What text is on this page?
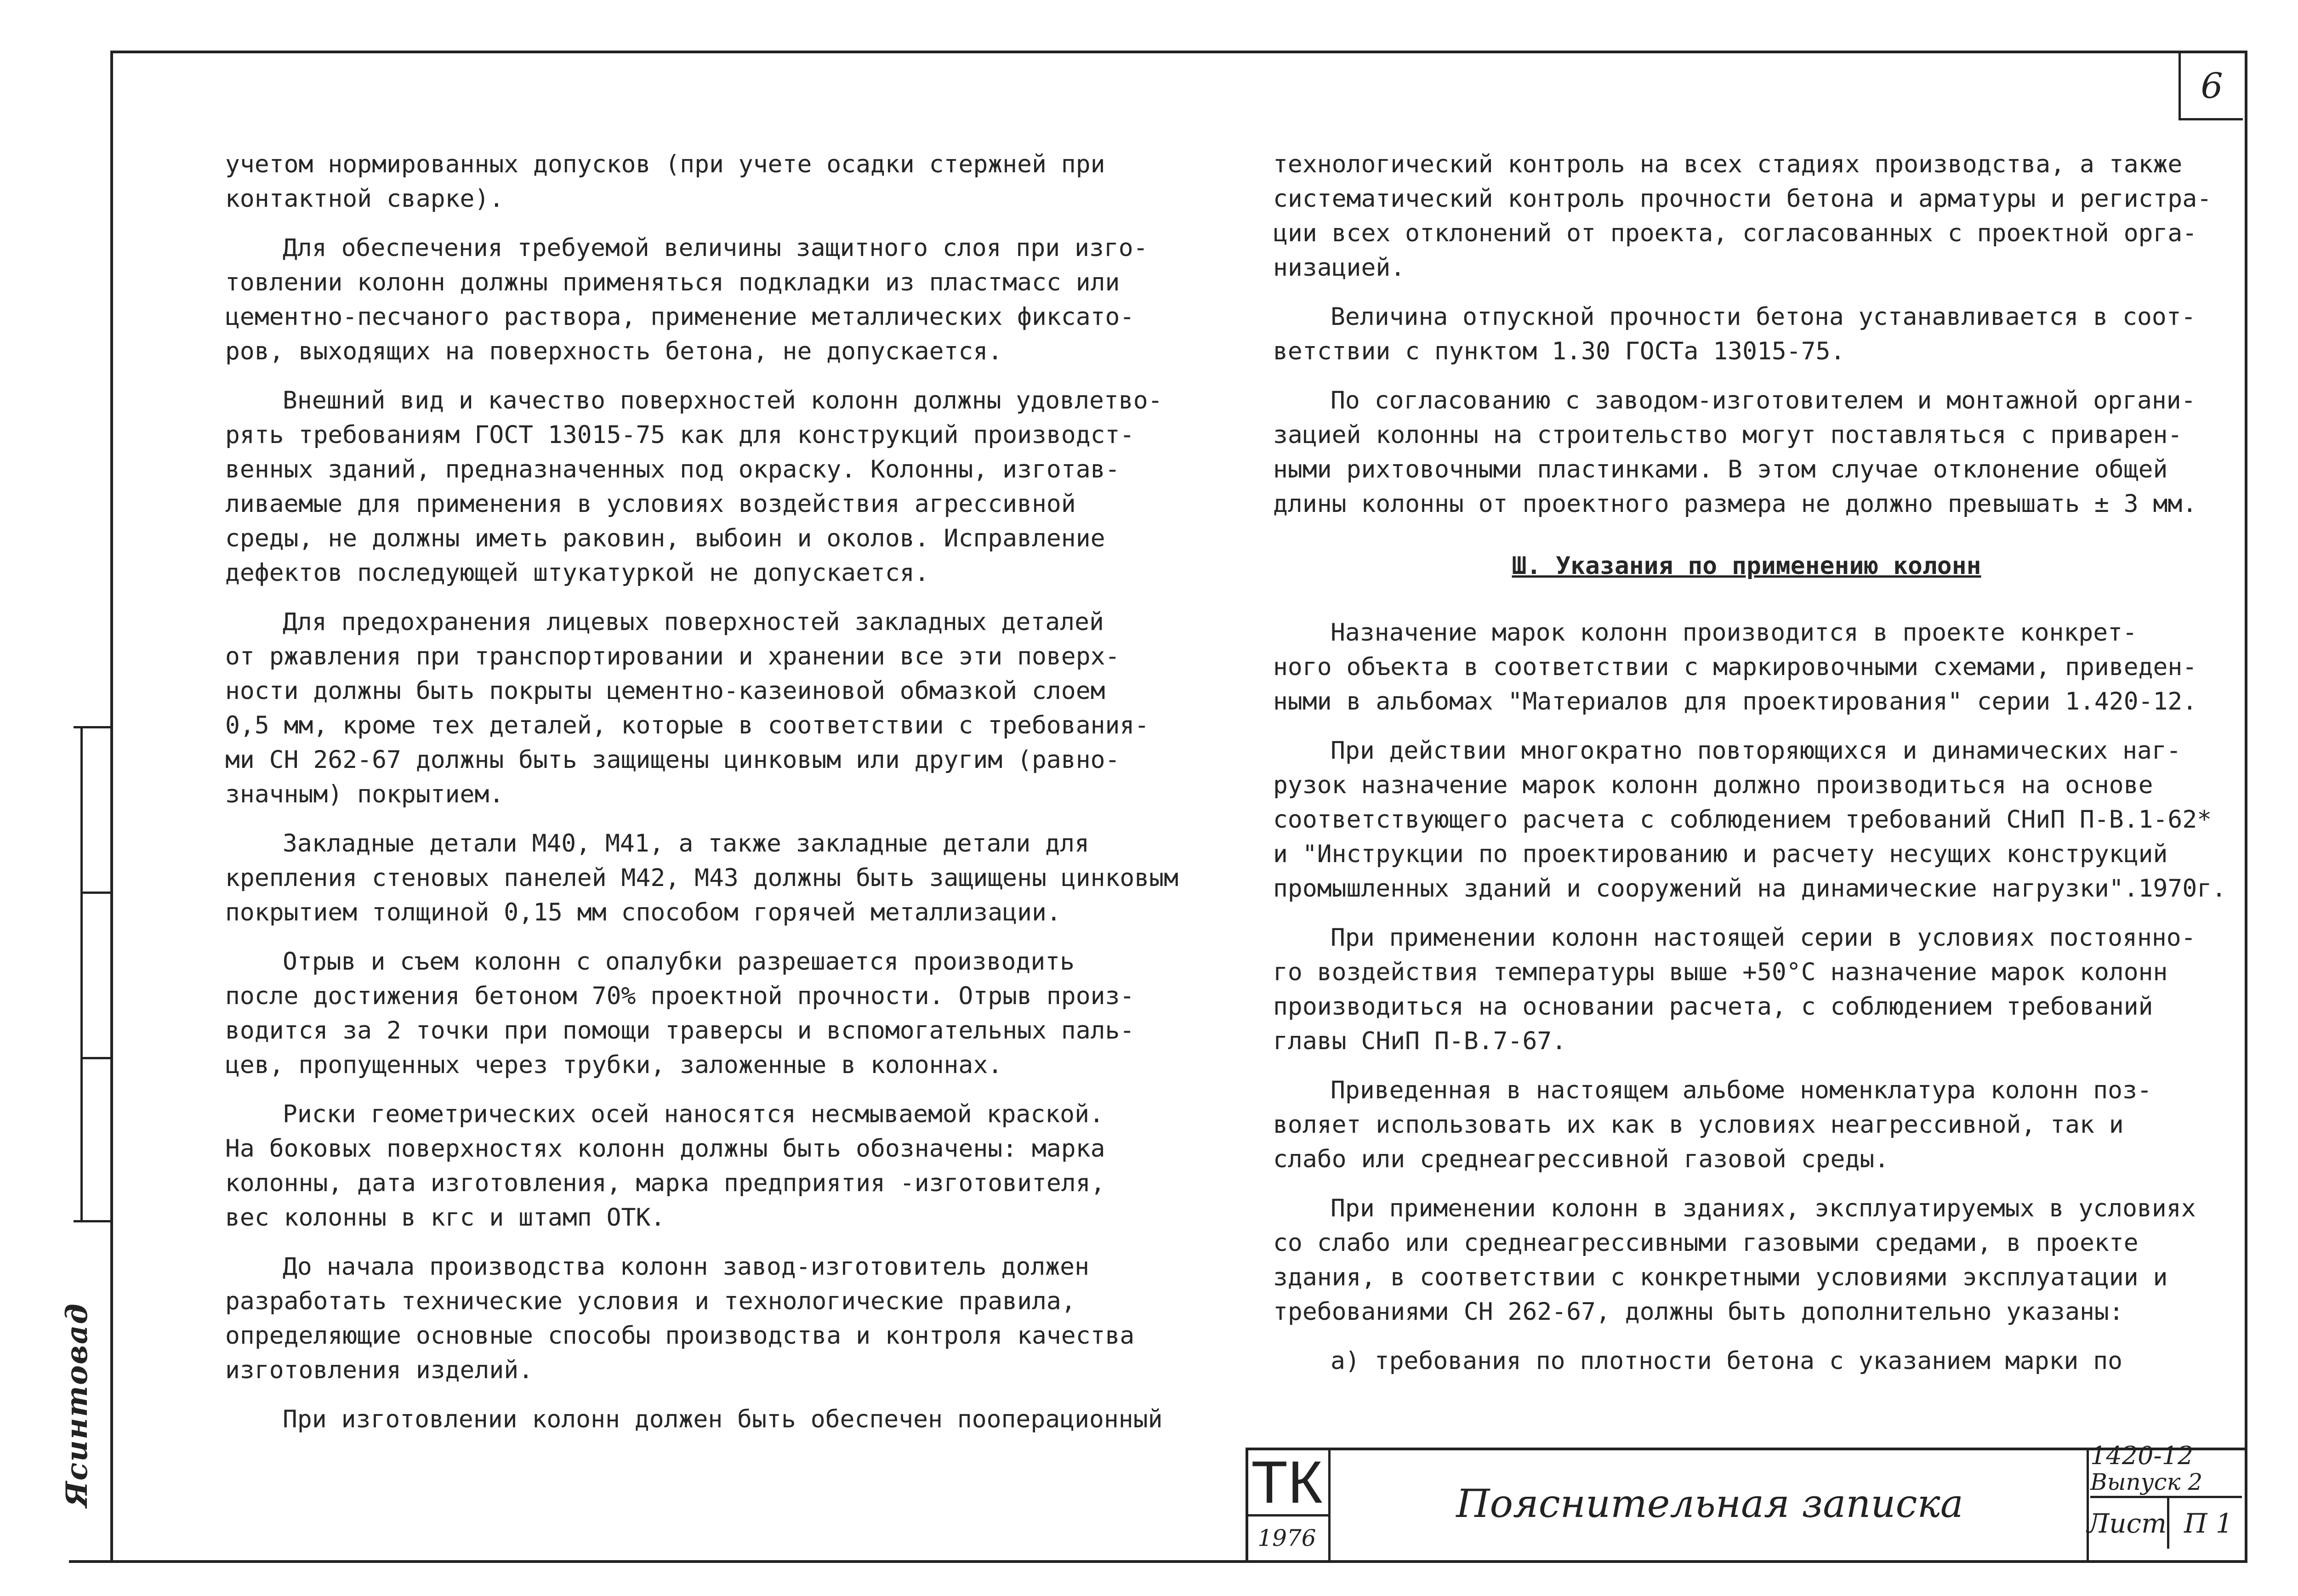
6
Ясинтовад

учетом нормированных допусков (при учете осадки стержней при
контактной сварке).

Для обеспечения требуемой величины защитного слоя при изго-
товлении колонн должны применяться подкладки из пластмасс или
цементно-песчаного раствора, применение металлических фиксато-
ров, выходящих на поверхность бетона, не допускается.

Внешний вид и качество поверхностей колонн должны удовлетво-
рять требованиям ГОСТ 13015-75 как для конструкций производст-
венных зданий, предназначенных под окраску. Колонны, изготав-
ливаемые для применения в условиях воздействия агрессивной
среды, не должны иметь раковин, выбоин и околов. Исправление
дефектов последующей штукатуркой не допускается.

Для предохранения лицевых поверхностей закладных деталей
от ржавления при транспортировании и хранении все эти поверх-
ности должны быть покрыты цементно-казеиновой обмазкой слоем
0,5 мм, кроме тех деталей, которые в соответствии с требования-
ми СН 262-67 должны быть защищены цинковым или другим (равно-
значным) покрытием.

Закладные детали М40, М41, а также закладные детали для
крепления стеновых панелей М42, М43 должны быть защищены цинковым
покрытием толщиной 0,15 мм способом горячей металлизации.

Отрыв и съем колонн с опалубки разрешается производить
после достижения бетоном 70% проектной прочности. Отрыв произ-
водится за 2 точки при помощи траверсы и вспомогательных паль-
цев, пропущенных через трубки, заложенные в колоннах.

Риски геометрических осей наносятся несмываемой краской.
На боковых поверхностях колонн должны быть обозначены: марка
колонны, дата изготовления, марка предприятия -изготовителя,
вес колонны в кгс и штамп ОТК.

До начала производства колонн завод-изготовитель должен
разработать технические условия и технологические правила,
определяющие основные способы производства и контроля качества
изготовления изделий.

При изготовлении колонн должен быть обеспечен пооперационный

технологический контроль на всех стадиях производства, а также
систематический контроль прочности бетона и арматуры и регистра-
ции всех отклонений от проекта, согласованных с проектной орга-
низацией.

Величина отпускной прочности бетона устанавливается в соот-
ветствии с пунктом 1.30 ГОСТа 13015-75.

По согласованию с заводом-изготовителем и монтажной органи-
зацией колонны на строительство могут поставляться с приварен-
ными рихтовочными пластинками. В этом случае отклонение общей
длины колонны от проектного размера не должно превышать ± 3 мм.

Ш. Указания по применению колонн

Назначение марок колонн производится в проекте конкрет-
ного объекта в соответствии с маркировочными схемами, приведен-
ными в альбомах "Материалов для проектирования" серии 1.420-12.

При действии многократно повторяющихся и динамических наг-
рузок назначение марок колонн должно производиться на основе
соответствующего расчета с соблюдением требований СНиП П-В.1-62*
и "Инструкции по проектированию и расчету несущих конструкций
промышленных зданий и сооружений на динамические нагрузки".1970г.

При применении колонн настоящей серии в условиях постоянно-
го воздействия температуры выше +50°С назначение марок колонн
производиться на основании расчета, с соблюдением требований
главы СНиП П-В.7-67.

Приведенная в настоящем альбоме номенклатура колонн поз-
воляет использовать их как в условиях неагрессивной, так и
слабо или среднеагрессивной газовой среды.

При применении колонн в зданиях, эксплуатируемых в условиях
со слабо или среднеагрессивными газовыми средами, в проекте
здания, в соответствии с конкретными условиями эксплуатации и
требованиями СН 262-67, должны быть дополнительно указаны:

а) требования по плотности бетона с указанием марки по

ТК
1976
Пояснительная записка
1420-12
Выпуск 2
Лист П 1
